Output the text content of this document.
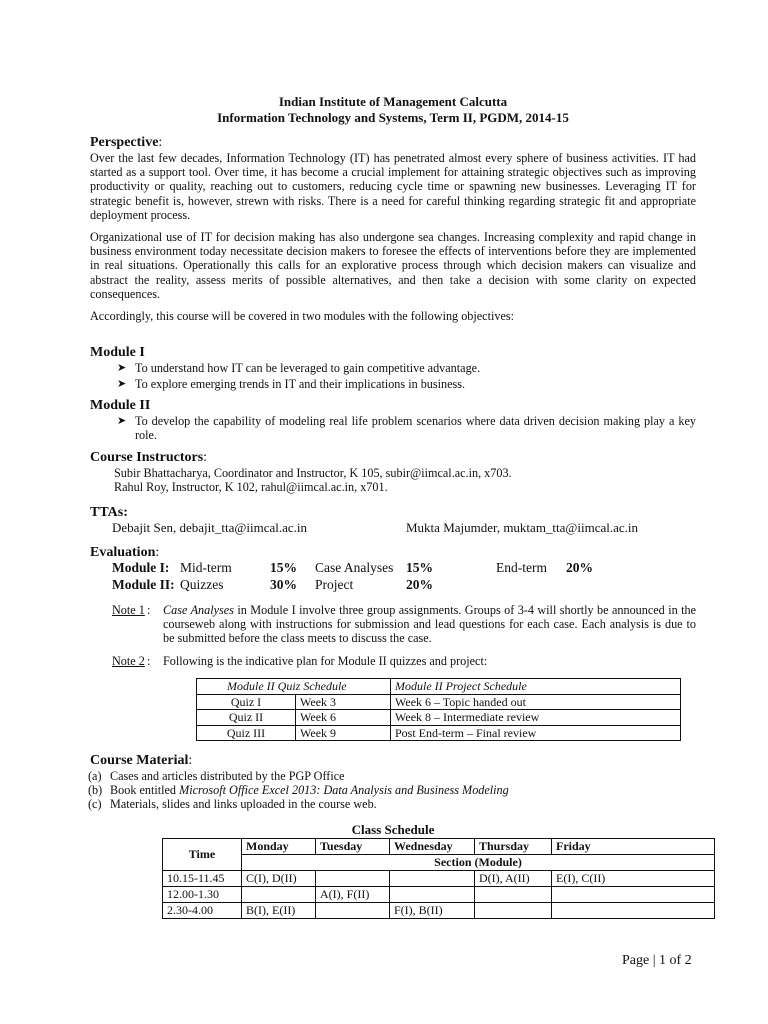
Indian Institute of Management Calcutta
Information Technology and Systems, Term II, PGDM, 2014-15
Perspective:

Over the last few decades, Information Technology (IT) has penetrated almost every sphere of business activities. IT had started as a support tool. Over time, it has become a crucial implement for attaining strategic objectives such as improving productivity or quality, reaching out to customers, reducing cycle time or spawning new businesses. Leveraging IT for strategic benefit is, however, strewn with risks. There is a need for careful thinking regarding strategic fit and appropriate deployment process.

Organizational use of IT for decision making has also undergone sea changes. Increasing complexity and rapid change in business environment today necessitate decision makers to foresee the effects of interventions before they are implemented in real situations. Operationally this calls for an explorative process through which decision makers can visualize and abstract the reality, assess merits of possible alternatives, and then take a decision with some clarity on expected consequences.

Accordingly, this course will be covered in two modules with the following objectives:

Module I
➤ To understand how IT can be leveraged to gain competitive advantage.
➤ To explore emerging trends in IT and their implications in business.
Module II
➤ To develop the capability of modeling real life problem scenarios where data driven decision making play a key role.
Course Instructors:
Subir Bhattacharya, Coordinator and Instructor, K 105, subir@iimcal.ac.in, x703.
Rahul Roy, Instructor, K 102, rahul@iimcal.ac.in, x701.
TTAs:
Debajit Sen, debajit_tta@iimcal.ac.in	Mukta Majumder, muktam_tta@iimcal.ac.in
Evaluation:
Module I: Mid-term	15% Case Analyses 15%	End-term 20%
Module II: Quizzes	30% Project	20%
Note 1 : Case Analyses in Module I involve three group assignments. Groups of 3-4 will shortly be announced in the courseweb along with instructions for submission and lead questions for each case. Each analysis is due to be submitted before the class meets to discuss the case.
Note 2 : Following is the indicative plan for Module II quizzes and project:
Module II Quiz Schedule		Module II Project Schedule
Quiz I	Week 3	Week 6 – Topic handed out
Quiz II	Week 6	Week 8 – Intermediate review
Quiz III	Week 9	Post End-term – Final review
Course Material:
(a) Cases and articles distributed by the PGP Office
(b) Book entitled Microsoft Office Excel 2013: Data Analysis and Business Modeling
(c) Materials, slides and links uploaded in the course web.
Class Schedule
Time	Monday	Tuesday	Wednesday	Thursday	Friday
	Section (Module)				
10.15-11.45	C(I), D(II)			D(I), A(II)	E(I), C(II)
12.00-1.30		A(I), F(II)			
2.30-4.00	B(I), E(II)		F(I), B(II)		
Page | 1 of 2
